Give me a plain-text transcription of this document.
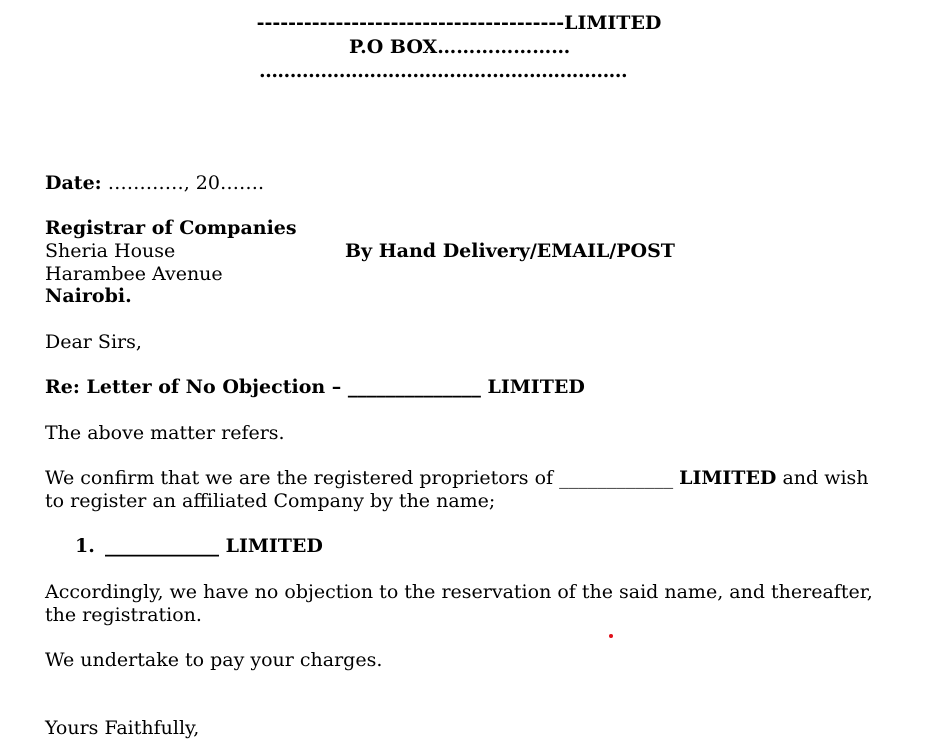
---------------------------------------LIMITED
P.O BOX…………………
……………………………………………………
Date: …………, 20…….
Registrar of Companies
Sheria House	By Hand Delivery/EMAIL/POST
Harambee Avenue
Nairobi.
Dear Sirs,
Re: Letter of No Objection – ______________ LIMITED
The above matter refers.
We confirm that we are the registered proprietors of ____________ LIMITED and wish to register an affiliated Company by the name;
1. ____________ LIMITED
Accordingly, we have no objection to the reservation of the said name, and thereafter, the registration.
We undertake to pay your charges.
Yours Faithfully,
